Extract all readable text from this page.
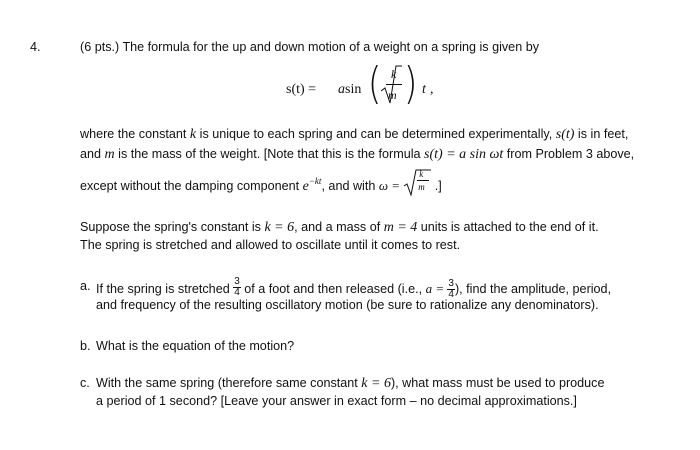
4.	(6 pts.) The formula for the up and down motion of a weight on a spring is given by
s(t) = a sin ( k
m ) t ,
where the constant k is unique to each spring and can be determined experimentally, s(t) is in feet,
and m is the mass of the weight. [Note that this is the formula s(t) = a sin ωt from Problem 3 above,
except without the damping component $e^{-kt}$, and with $\omega = \frac{k}{m}$ .]
Suppose the spring's constant is k = 6, and a mass of m = 4 units is attached to the end of it.
The spring is stretched and allowed to oscillate until it comes to rest.
a. If the spring is stretched $\frac{3}{4}$ of a foot and then released (i.e., $a = \frac{3}{4}$ ), find the amplitude, period,
and frequency of the resulting oscillatory motion (be sure to rationalize any denominators).
b. What is the equation of the motion?
c. With the same spring (therefore same constant k = 6), what mass must be used to produce
a period of 1 second? [Leave your answer in exact form – no decimal approximations.]
